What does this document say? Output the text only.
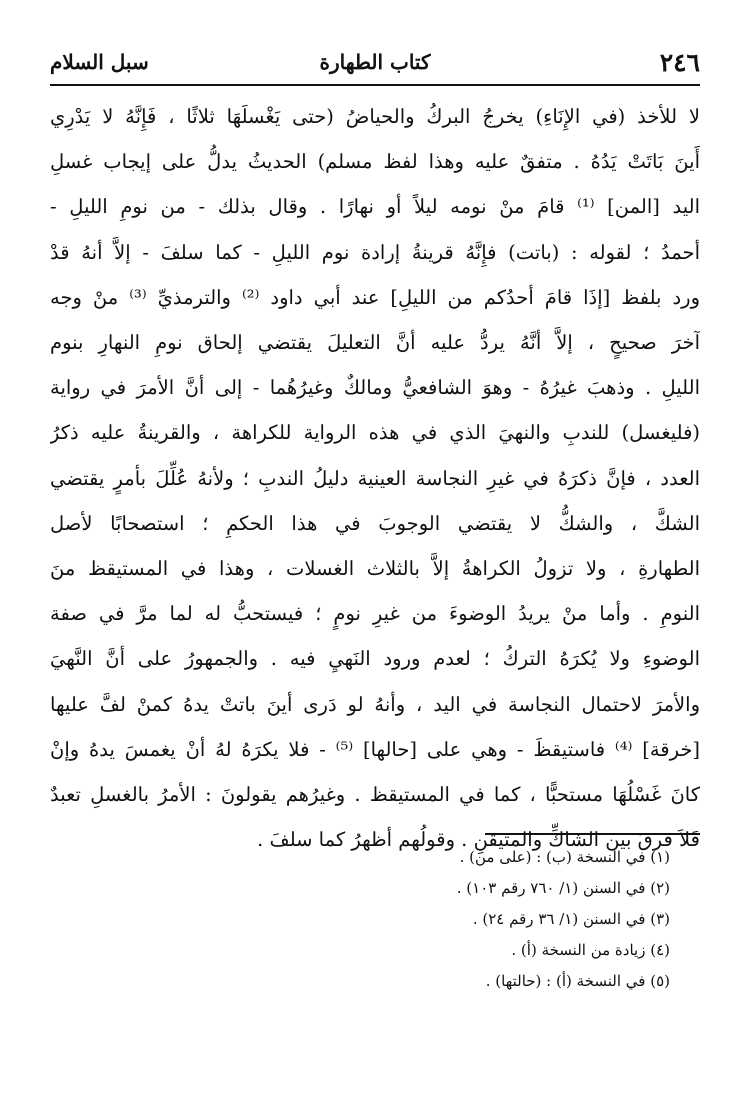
٢٤٦
كتاب الطهارة
سبل السلام
لا للأخذ (في الإِنَاءِ) يخرجُ البركُ والحياضُ (حتى يَغْسلَهَا ثلاثًا ، فَإِنَّهُ لا يَدْرِي
أَينَ بَاتَتْ يَدُهُ . متفقٌ عليه وهذا لفظ مسلم) الحديثُ يدلُّ على إيجاب غسلِ
اليد [المن] ⁽¹⁾ قامَ منْ نومه ليلاً أو نهارًا . وقال بذلك - من نومِ الليلِ -
أحمدُ ؛ لقوله : (باتت) فإِنَّهُ قرينةُ إرادة نوم الليلِ - كما سلفَ - إلاَّ أنهُ قدْ
ورد بلفظ [إذَا قامَ أحدُكم من الليلِ] عند أبي داود ⁽²⁾ والترمذيِّ ⁽³⁾ منْ وجه
آخرَ صحيحٍ ، إلاَّ أنَّهُ يردُّ عليه أنَّ التعليلَ يقتضي إلحاق نومِ النهارِ بنوم
الليلِ . وذهبَ غيرُهُ - وهوَ الشافعيُّ ومالكٌ وغيرُهُما - إلى أنَّ الأمرَ في رواية
(فليغسل) للندبِ والنهيَ الذي في هذه الرواية للكراهة ، والقرينةُ عليه ذكرُ
العدد ، فإنَّ ذكرَهُ في غيرِ النجاسة العينية دليلُ الندبِ ؛ ولأنهُ عُلِّلَ بأمرٍ يقتضي
الشكَّ ، والشكُّ لا يقتضي الوجوبَ في هذا الحكمِ ؛ استصحابًا لأصل
الطهارةِ ، ولا تزولُ الكراهةُ إلاَّ بالثلاث الغسلات ، وهذا في المستيقظ منَ
النومِ . وأما منْ يريدُ الوضوءَ من غيرِ نومٍ ؛ فيستحبُّ له لما مرَّ في صفة
الوضوءِ ولا يُكرَهُ التركُ ؛ لعدم ورود النَهيِ فيه . والجمهورُ على أنَّ النَّهيَ
والأمرَ لاحتمال النجاسة في اليد ، وأنهُ لو دَرى أينَ باتتْ يدهُ كمنْ لفَّ عليها
[خرقة] ⁽⁴⁾ فاستيقظَ - وهي على [حالها] ⁽⁵⁾ - فلا يكرَهُ لهُ أنْ يغمسَ يدهُ وإنْ
كانَ غَسْلُهَا مستحبًّا ، كما في المستيقظ . وغيرُهم يقولونَ : الأمرُ بالغسلِ تعبدٌ
فَلاَ فرقَ بين الشاكِّ والمتيقنِ . وقولُهم أظهرُ كما سلفَ .
(١) في النسخة (ب) : (على من) .
(٢) في السنن (١/ ٧٦٠ رقم ١٠٣) .
(٣) في السنن (١/ ٣٦ رقم ٢٤) .
(٤) زيادة من النسخة (أ) .
(٥) في النسخة (أ) : (حالتها) .
